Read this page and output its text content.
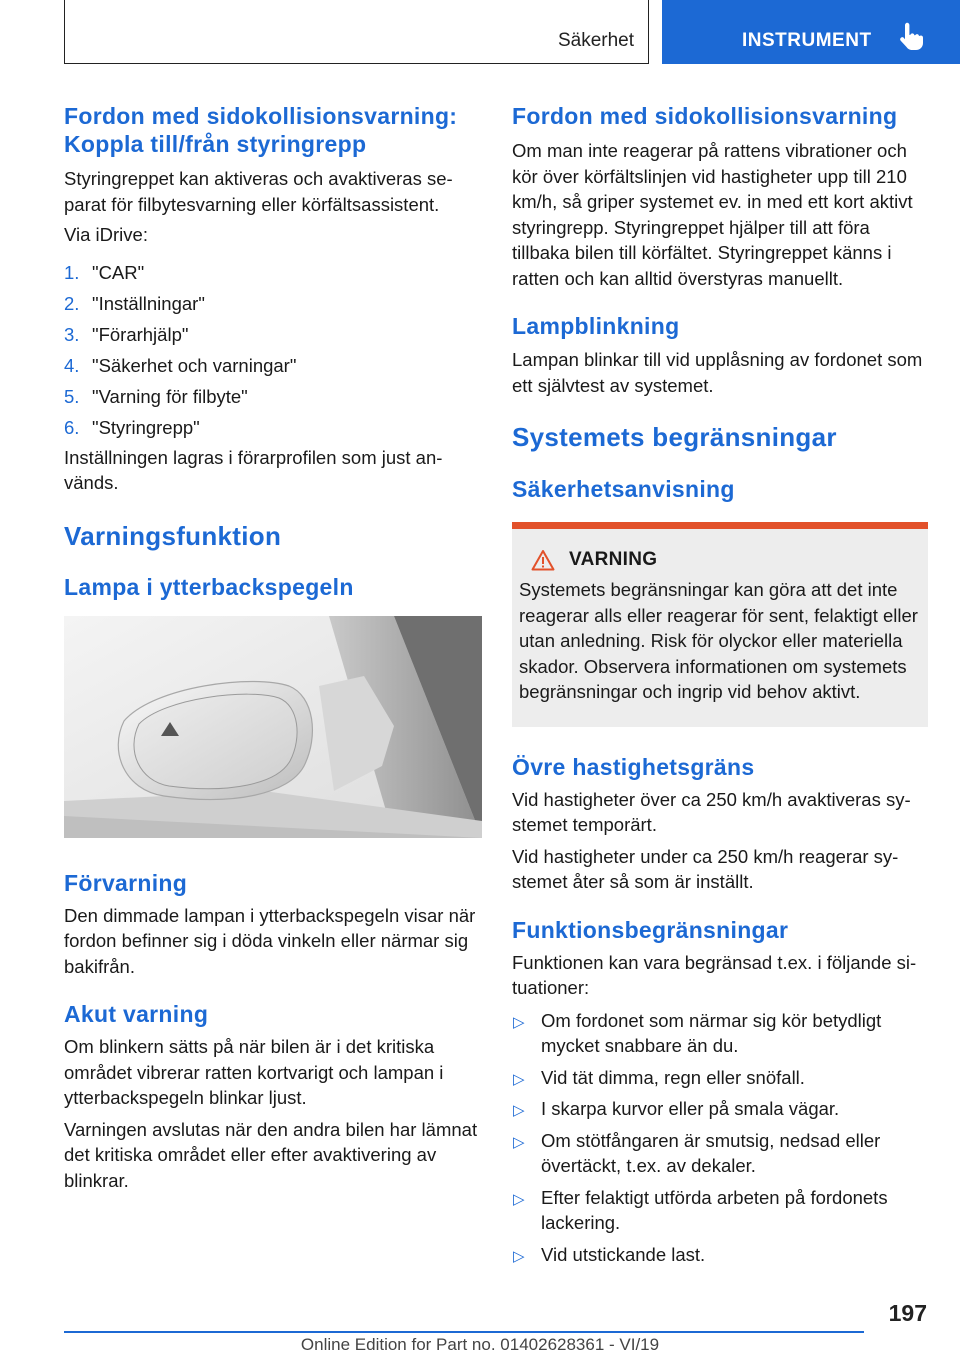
Säkerhet	INSTRUMENT
Fordon med sidokollisionsvarning: Koppla till/från styringrepp
Styringreppet kan aktiveras och avaktiveras separat för filbytesvarning eller körfältsassistent.
Via iDrive:
1. "CAR"
2. "Inställningar"
3. "Förarhjälp"
4. "Säkerhet och varningar"
5. "Varning för filbyte"
6. "Styringrepp"
Inställningen lagras i förarprofilen som just används.
Varningsfunktion
Lampa i ytterbackspegeln
Förvarning
Den dimmade lampan i ytterbackspegeln visar när fordon befinner sig i döda vinkeln eller närmar sig bakifrån.
Akut varning
Om blinkern sätts på när bilen är i det kritiska området vibrerar ratten kortvarigt och lampan i ytterbackspegeln blinkar ljust.
Varningen avslutas när den andra bilen har lämnat det kritiska området eller efter avaktivering av blinkrar.
Fordon med sidokollisionsvarning
Om man inte reagerar på rattens vibrationer och kör över körfältslinjen vid hastigheter upp till 210 km/h, så griper systemet ev. in med ett kort aktivt styringrepp. Styringreppet hjälper till att föra tillbaka bilen till körfältet. Styringreppet känns i ratten och kan alltid överstyras manuellt.
Lampblinkning
Lampan blinkar till vid upplåsning av fordonet som ett självtest av systemet.
Systemets begränsningar
Säkerhetsanvisning
VARNING
Systemets begränsningar kan göra att det inte reagerar alls eller reagerar för sent, felaktigt eller utan anledning. Risk för olyckor eller materiella skador. Observera informationen om systemets begränsningar och ingrip vid behov aktivt.
Övre hastighetsgräns
Vid hastigheter över ca 250 km/h avaktiveras systemet temporärt.
Vid hastigheter under ca 250 km/h reagerar systemet åter så som är inställt.
Funktionsbegränsningar
Funktionen kan vara begränsad t.ex. i följande situationer:
▷ Om fordonet som närmar sig kör betydligt mycket snabbare än du.
▷ Vid tät dimma, regn eller snöfall.
▷ I skarpa kurvor eller på smala vägar.
▷ Om stötfångaren är smutsig, nedsad eller övertäckt, t.ex. av dekaler.
▷ Efter felaktigt utförda arbeten på fordonets lackering.
▷ Vid utstickande last.
197
Online Edition for Part no. 01402628361 - VI/19
